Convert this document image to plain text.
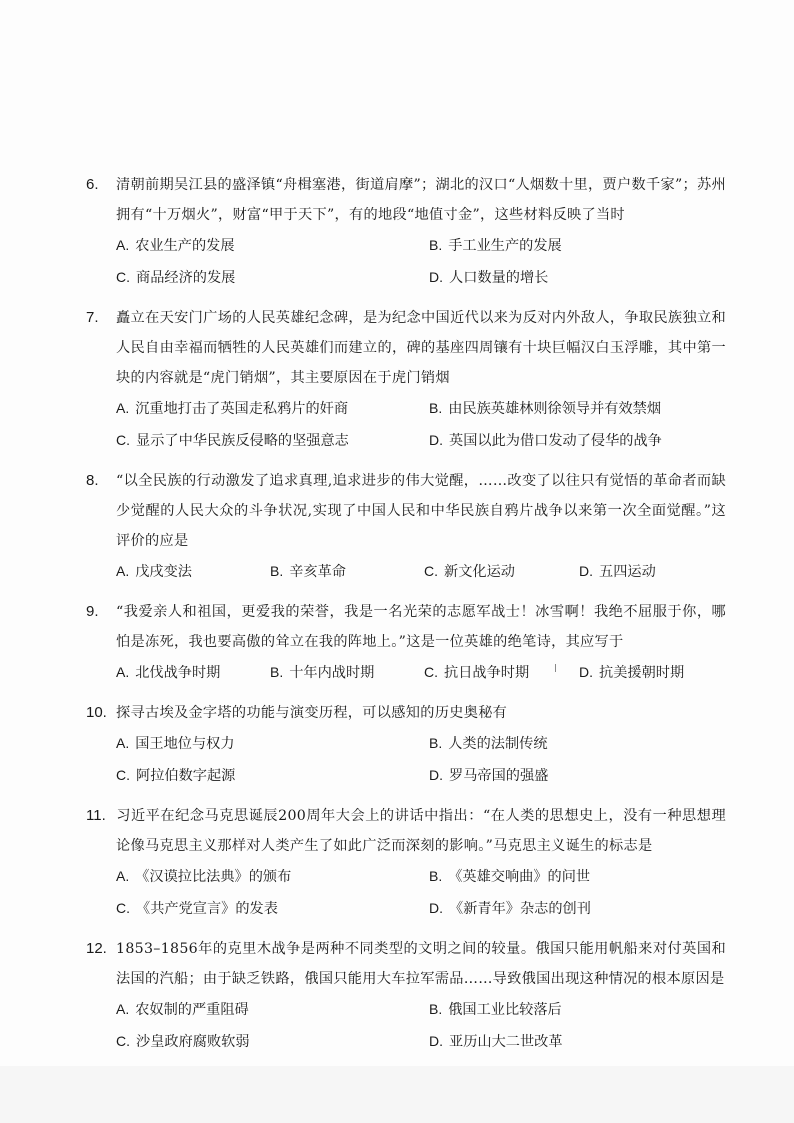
6. 清朝前期吴江县的盛泽镇“舟楫塞港，街道肩摩”；湖北的汉口“人烟数十里，贾户数千家”；苏州拥有“十万烟火”，财富“甲于天下”，有的地段“地值寸金”，这些材料反映了当时
A. 农业生产的发展	B. 手工业生产的发展
C. 商品经济的发展	D. 人口数量的增长
7. 矗立在天安门广场的人民英雄纪念碑，是为纪念中国近代以来为反对内外敌人，争取民族独立和人民自由幸福而牺牲的人民英雄们而建立的，碑的基座四周镶有十块巨幅汉白玉浮雕，其中第一块的内容就是“虎门销烟”，其主要原因在于虎门销烟
A. 沉重地打击了英国走私鸦片的奸商	B. 由民族英雄林则徐领导并有效禁烟
C. 显示了中华民族反侵略的坚强意志	D. 英国以此为借口发动了侵华的战争
8. “以全民族的行动激发了追求真理,追求进步的伟大觉醒，……改变了以往只有觉悟的革命者而缺少觉醒的人民大众的斗争状况,实现了中国人民和中华民族自鸦片战争以来第一次全面觉醒。”这评价的应是
A. 戊戌变法	B. 辛亥革命	C. 新文化运动	D. 五四运动
9. “我爱亲人和祖国，更爱我的荣誉，我是一名光荣的志愿军战士！冰雪啊！我绝不屈服于你，哪怕是冻死，我也要高傲的耸立在我的阵地上。”这是一位英雄的绝笔诗，其应写于
A. 北伐战争时期	B. 十年内战时期	C. 抗日战争时期	D. 抗美援朝时期
10. 探寻古埃及金字塔的功能与演变历程，可以感知的历史奥秘有
A. 国王地位与权力	B. 人类的法制传统
C. 阿拉伯数字起源	D. 罗马帝国的强盛
11. 习近平在纪念马克思诞辰200周年大会上的讲话中指出：“在人类的思想史上，没有一种思想理论像马克思主义那样对人类产生了如此广泛而深刻的影响。”马克思主义诞生的标志是
A. 《汉谟拉比法典》的颁布	B. 《英雄交响曲》的问世
C. 《共产党宣言》的发表	D. 《新青年》杂志的创刊
12. 1853–1856年的克里木战争是两种不同类型的文明之间的较量。俄国只能用帆船来对付英国和法国的汽船；由于缺乏铁路，俄国只能用大车拉军需品……导致俄国出现这种情况的根本原因是
A. 农奴制的严重阻碍	B. 俄国工业比较落后
C. 沙皇政府腐败软弱	D. 亚历山大二世改革
